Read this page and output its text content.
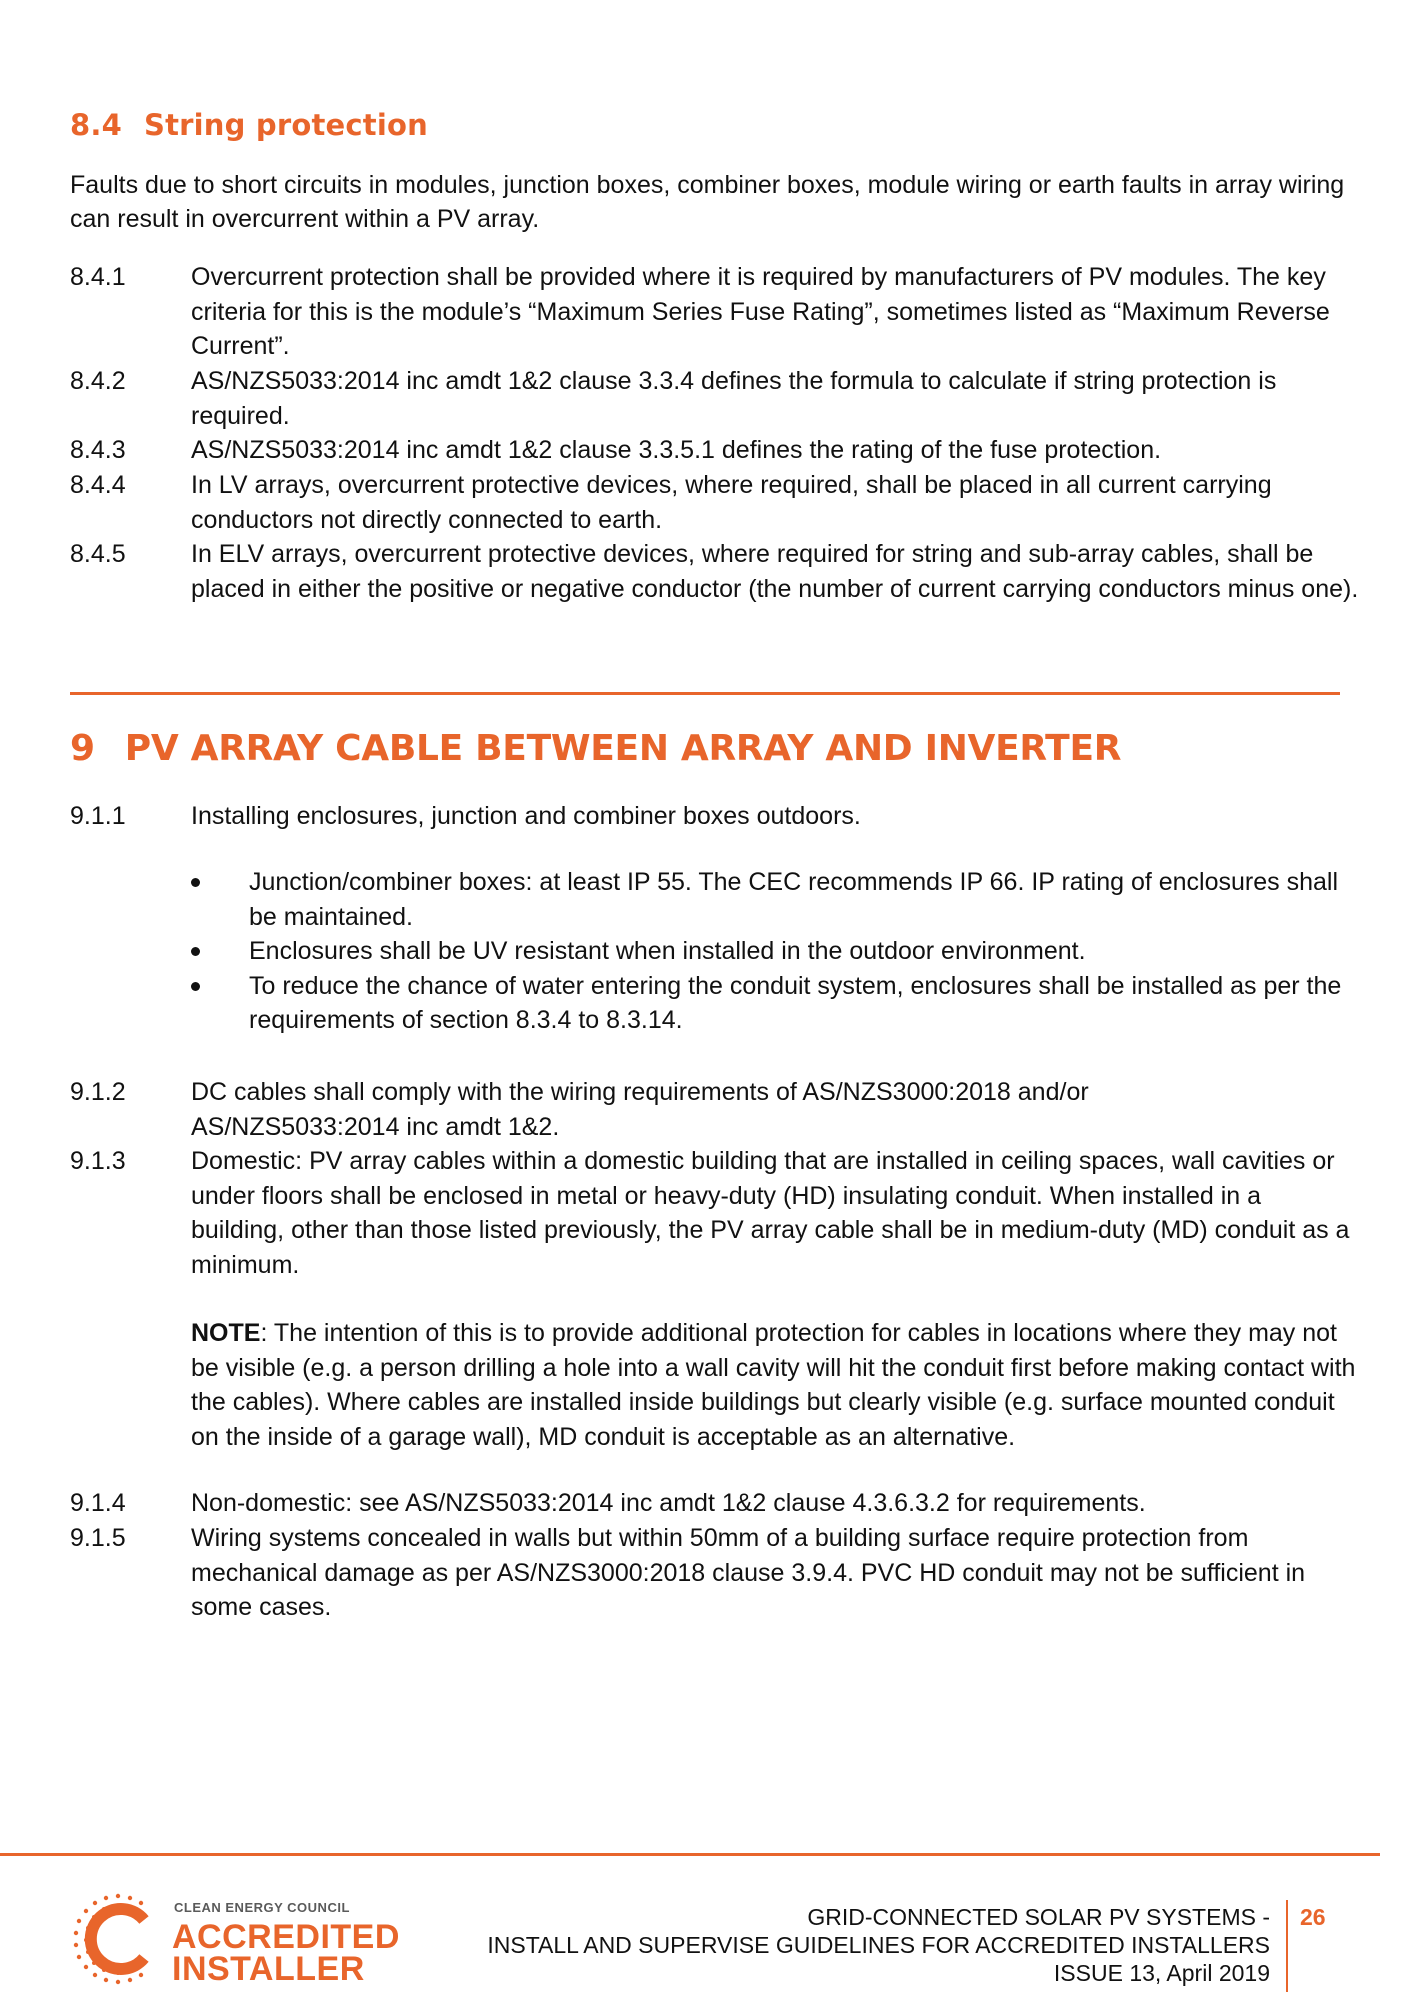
8.4 String protection
Faults due to short circuits in modules, junction boxes, combiner boxes, module wiring or earth faults in array wiring can result in overcurrent within a PV array.
8.4.1	Overcurrent protection shall be provided where it is required by manufacturers of PV modules. The key criteria for this is the module’s “Maximum Series Fuse Rating”, sometimes listed as “Maximum Reverse Current”.
8.4.2	AS/NZS5033:2014 inc amdt 1&2 clause 3.3.4 defines the formula to calculate if string protection is required.
8.4.3	AS/NZS5033:2014 inc amdt 1&2 clause 3.3.5.1 defines the rating of the fuse protection.
8.4.4	In LV arrays, overcurrent protective devices, where required, shall be placed in all current carrying conductors not directly connected to earth.
8.4.5	In ELV arrays, overcurrent protective devices, where required for string and sub-array cables, shall be placed in either the positive or negative conductor (the number of current carrying conductors minus one).
9 PV ARRAY CABLE BETWEEN ARRAY AND INVERTER
9.1.1	Installing enclosures, junction and combiner boxes outdoors.

Junction/combiner boxes: at least IP 55. The CEC recommends IP 66. IP rating of enclosures shall be maintained.

Enclosures shall be UV resistant when installed in the outdoor environment.

To reduce the chance of water entering the conduit system, enclosures shall be installed as per the requirements of section 8.3.4 to 8.3.14.

9.1.2	DC cables shall comply with the wiring requirements of AS/NZS3000:2018 and/or AS/NZS5033:2014 inc amdt 1&2.
9.1.3	Domestic: PV array cables within a domestic building that are installed in ceiling spaces, wall cavities or under floors shall be enclosed in metal or heavy-duty (HD) insulating conduit. When installed in a building, other than those listed previously, the PV array cable shall be in medium-duty (MD) conduit as a minimum.
NOTE: The intention of this is to provide additional protection for cables in locations where they may not be visible (e.g. a person drilling a hole into a wall cavity will hit the conduit first before making contact with the cables). Where cables are installed inside buildings but clearly visible (e.g. surface mounted conduit on the inside of a garage wall), MD conduit is acceptable as an alternative.
9.1.4	Non-domestic: see AS/NZS5033:2014 inc amdt 1&2 clause 4.3.6.3.2 for requirements.
9.1.5	Wiring systems concealed in walls but within 50mm of a building surface require protection from mechanical damage as per AS/NZS3000:2018 clause 3.9.4. PVC HD conduit may not be sufficient in some cases.
CLEAN ENERGY COUNCIL
ACCREDITED
INSTALLER
GRID-CONNECTED SOLAR PV SYSTEMS -
INSTALL AND SUPERVISE GUIDELINES FOR ACCREDITED INSTALLERS
ISSUE 13, April 2019
26
